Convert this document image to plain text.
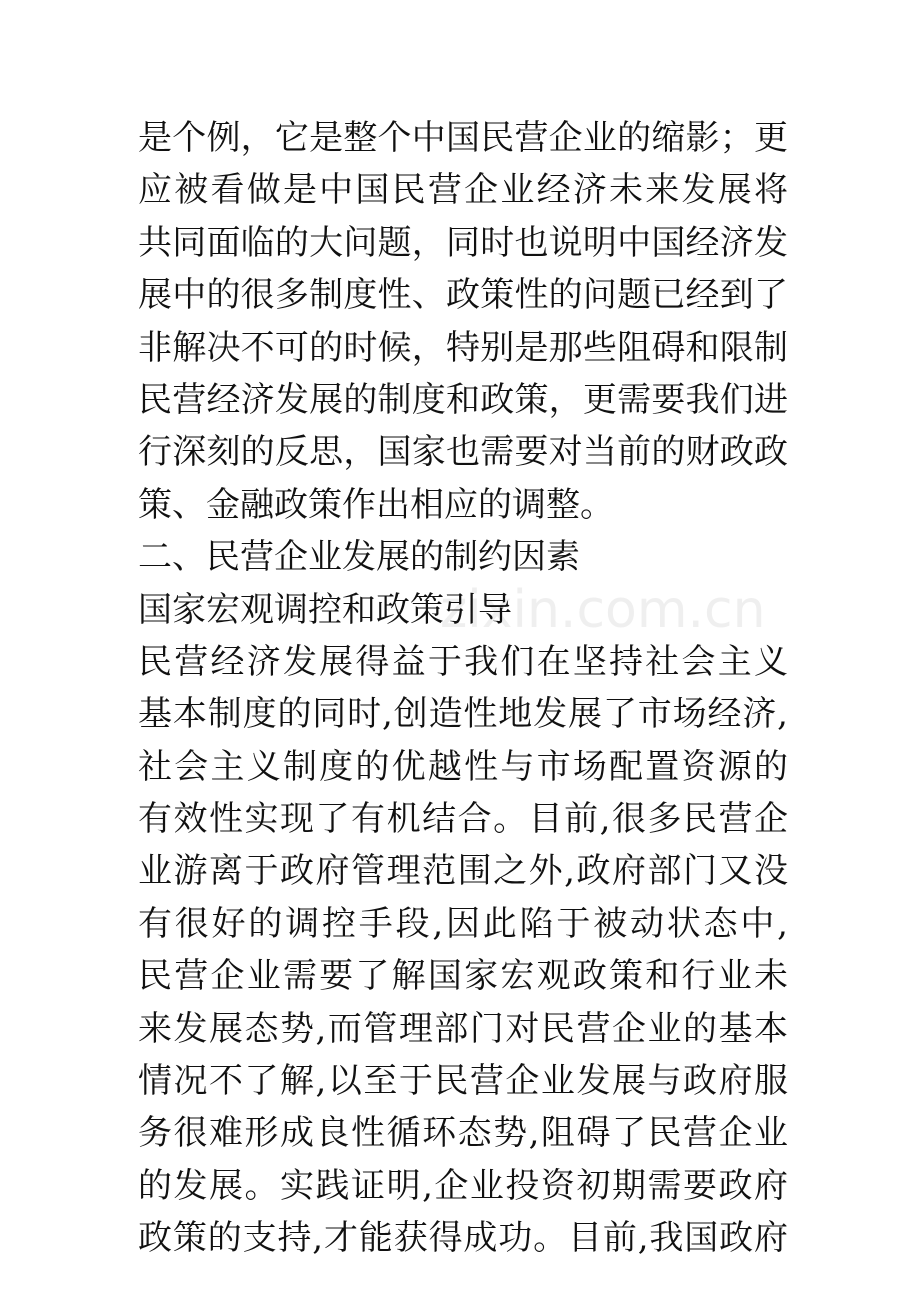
zixin.com.cn
是个例，它是整个中国民营企业的缩影；更
应被看做是中国民营企业经济未来发展将
共同面临的大问题，同时也说明中国经济发
展中的很多制度性、政策性的问题已经到了
非解决不可的时候，特别是那些阻碍和限制
民营经济发展的制度和政策，更需要我们进
行深刻的反思，国家也需要对当前的财政政
策、金融政策作出相应的调整。
二、民营企业发展的制约因素
国家宏观调控和政策引导
民营经济发展得益于我们在坚持社会主义
基本制度的同时,创造性地发展了市场经济,
社会主义制度的优越性与市场配置资源的
有效性实现了有机结合。目前,很多民营企
业游离于政府管理范围之外,政府部门又没
有很好的调控手段,因此陷于被动状态中,
民营企业需要了解国家宏观政策和行业未
来发展态势,而管理部门对民营企业的基本
情况不了解,以至于民营企业发展与政府服
务很难形成良性循环态势,阻碍了民营企业
的发展。实践证明,企业投资初期需要政府
政策的支持,才能获得成功。目前,我国政府
